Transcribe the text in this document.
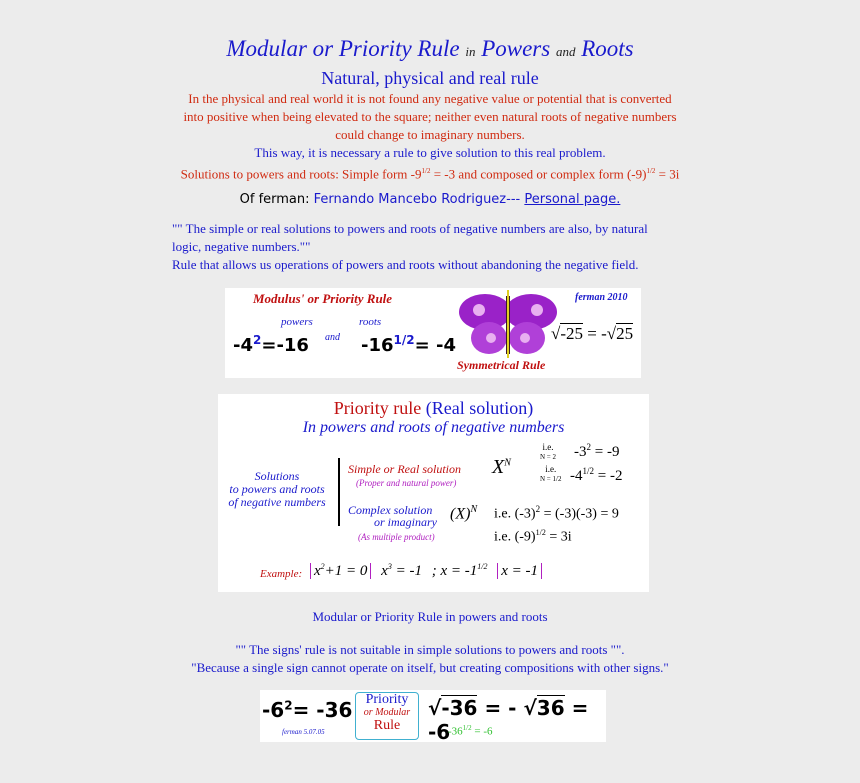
Modular or Priority Rule in Powers and Roots
Natural, physical and real rule
In the physical and real world it is not found any negative value or potential that is converted
into positive when being elevated to the square; neither even natural roots of negative numbers
could change to imaginary numbers.
This way, it is necessary a rule to give solution to this real problem.
Solutions to powers and roots: Simple form $-9^{1/2} = -3$ and composed or complex form $(-9)^{1/2} = 3i$
Of ferman: Fernando Mancebo Rodriguez--- Personal page.
"" The simple or real solutions to powers and roots of negative numbers are also, by natural
logic, negative numbers.""
Rule that allows us operations of powers and roots without abandoning the negative field.
Modulus' or Priority Rule
powers	roots
and
$-4^2=-16$	$-16^{1/2}= -4$
ferman 2010
√-25 = -√25
Symmetrical Rule
Priority rule (Real solution)
In powers and roots of negative numbers
Solutions
to powers and roots
of negative numbers
Simple or Real solution
(Proper and natural power)
Complex solution
or imaginary
(As multiple product)
$X^N$
i.e.
N = 2
i.e.
N = 1/2
$-3^2 = -9$
$-4^{1/2} = -2$
$(X)^N$ i.e. $(-3)^2 = (-3)(-3) = 9$
i.e. $(-9)^{1/2} = 3i$
Example: $x^2+1 = 0$ $x^3 = -1$ ; $x = -1^{1/2}$ x = -1
Modular or Priority Rule in powers and roots
"" The signs' rule is not suitable in simple solutions to powers and roots "".
"Because a single sign cannot operate on itself, but creating compositions with other signs."
$-6^2= -36$
ferman 5.07.05
Priority
or Modular
Rule
√-36 = - √36 = -6
$-36^{1/2} = -6$
